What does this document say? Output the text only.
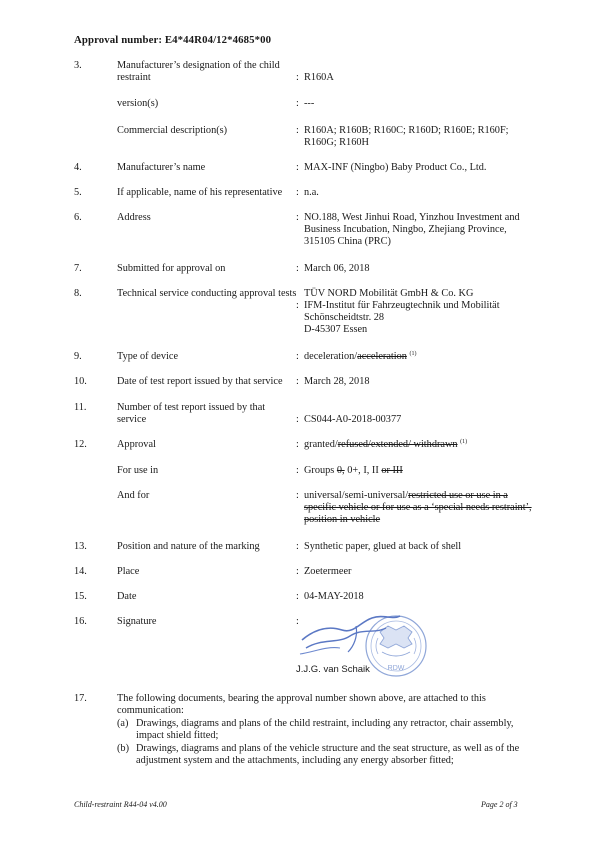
Approval number: E4*44R04/12*4685*00
3.	Manufacturer’s designation of the child restraint	: R160A
version(s)	: ---
Commercial description(s)	: R160A; R160B; R160C; R160D; R160E; R160F; R160G; R160H
4.	Manufacturer’s name	: MAX-INF (Ningbo) Baby Product Co., Ltd.
5.	If applicable, name of his representative	: n.a.
6.	Address	: NO.188, West Jinhui Road, Yinzhou Investment and Business Incubation, Ningbo, Zhejiang Province, 315105 China (PRC)
7.	Submitted for approval on	: March 06, 2018
8.	Technical service conducting approval tests
:
TÜV NORD Mobilität GmbH & Co. KG
IFM-Institut für Fahrzeugtechnik und Mobilität
Schönscheidtstr. 28
D-45307 Essen
9.	Type of device	: deceleration/acceleration $^{(1)}$
10.	Date of test report issued by that service	: March 28, 2018
11.	Number of test report issued by that service	: CS044-A0-2018-00377
12.	Approval	: granted/refused/extended/ withdrawn $^{(1)}$
For use in	: Groups 0, 0+, I, II or III
And for	: universal/semi-universal/restricted use or use in a specific vehicle or for use as a ‘special needs restraint’, position in vehicle
13.	Position and nature of the marking	: Synthetic paper, glued at back of shell
14.	Place	: Zoetermeer
15.	Date	: 04-MAY-2018
16.	Signature	:
RDW
J.J.G. van Schaik
17.	The following documents, bearing the approval number shown above, are attached to this communication:
(a) Drawings, diagrams and plans of the child restraint, including any retractor, chair assembly, impact shield fitted;
(b) Drawings, diagrams and plans of the vehicle structure and the seat structure, as well as of the adjustment system and the attachments, including any energy absorber fitted;
Child-restraint R44-04 v4.00	Page 2 of 3
